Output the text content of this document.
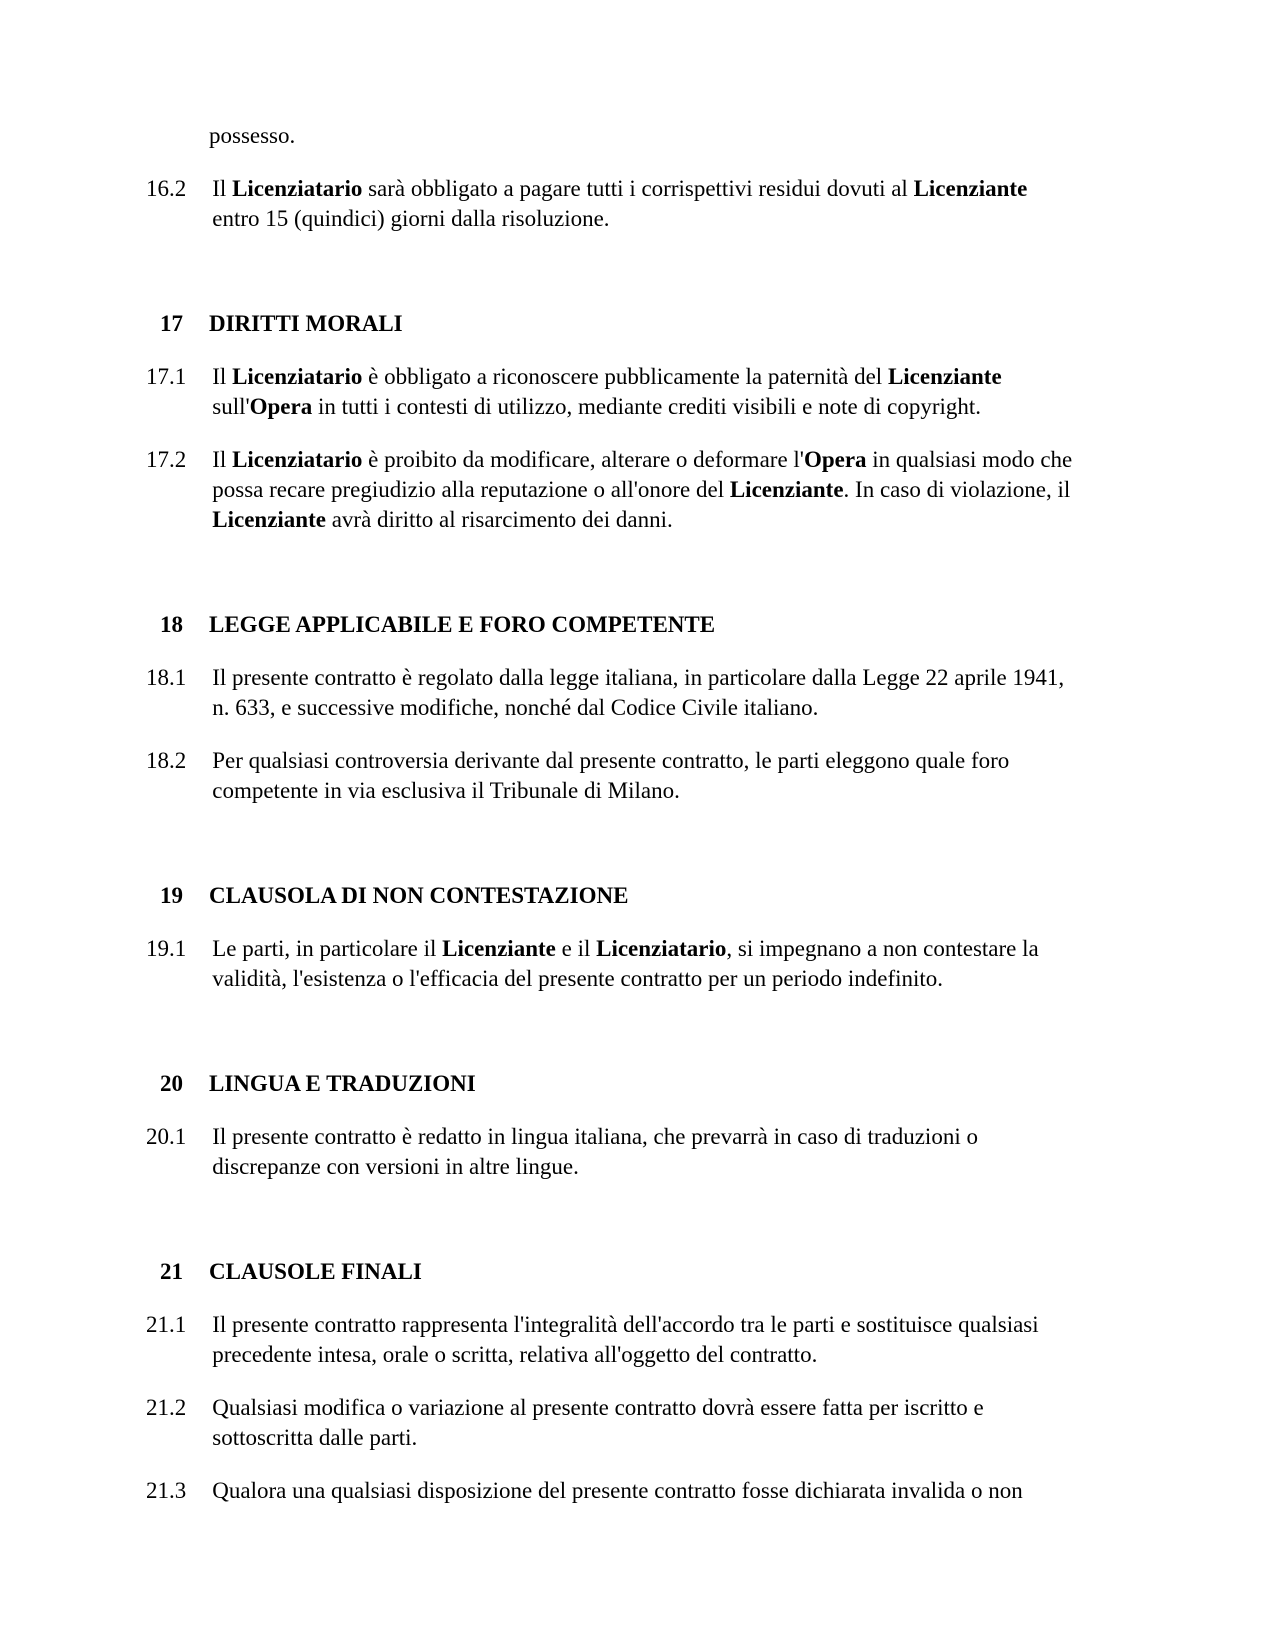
possesso.
16.2 Il Licenziatario sarà obbligato a pagare tutti i corrispettivi residui dovuti al Licenziante
entro 15 (quindici) giorni dalla risoluzione.
17 DIRITTI MORALI
17.1 Il Licenziatario è obbligato a riconoscere pubblicamente la paternità del Licenziante
sull'Opera in tutti i contesti di utilizzo, mediante crediti visibili e note di copyright.
17.2 Il Licenziatario è proibito da modificare, alterare o deformare l'Opera in qualsiasi modo che
possa recare pregiudizio alla reputazione o all'onore del Licenziante. In caso di violazione, il
Licenziante avrà diritto al risarcimento dei danni.
18 LEGGE APPLICABILE E FORO COMPETENTE
18.1 Il presente contratto è regolato dalla legge italiana, in particolare dalla Legge 22 aprile 1941,
n. 633, e successive modifiche, nonché dal Codice Civile italiano.
18.2 Per qualsiasi controversia derivante dal presente contratto, le parti eleggono quale foro
competente in via esclusiva il Tribunale di Milano.
19 CLAUSOLA DI NON CONTESTAZIONE
19.1 Le parti, in particolare il Licenziante e il Licenziatario, si impegnano a non contestare la
validità, l'esistenza o l'efficacia del presente contratto per un periodo indefinito.
20 LINGUA E TRADUZIONI
20.1 Il presente contratto è redatto in lingua italiana, che prevarrà in caso di traduzioni o
discrepanze con versioni in altre lingue.
21 CLAUSOLE FINALI
21.1 Il presente contratto rappresenta l'integralità dell'accordo tra le parti e sostituisce qualsiasi
precedente intesa, orale o scritta, relativa all'oggetto del contratto.
21.2 Qualsiasi modifica o variazione al presente contratto dovrà essere fatta per iscritto e
sottoscritta dalle parti.
21.3 Qualora una qualsiasi disposizione del presente contratto fosse dichiarata invalida o non
